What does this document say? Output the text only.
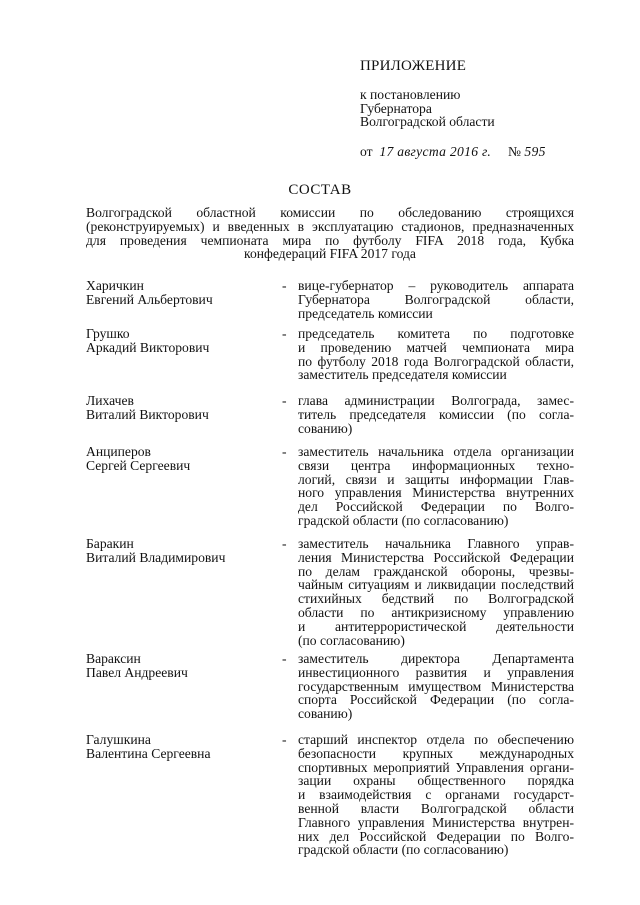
ПРИЛОЖЕНИЕ
к постановлению
Губернатора
Волгоградской области
от 17 августа 2016 г. № 595
СОСТАВ
Волгоградской областной комиссии по обследованию строящихся
(реконструируемых) и введенных в эксплуатацию стадионов, предназначенных
для проведения чемпионата мира по футболу FIFA 2018 года, Кубка
конфедераций FIFA 2017 года
Харичкин
Евгений Альбертович
- вице-губернатор – руководитель аппарата
Губернатора Волгоградской области,
председатель комиссии
Грушко
Аркадий Викторович
- председатель комитета по подготовке
и проведению матчей чемпионата мира
по футболу 2018 года Волгоградской области,
заместитель председателя комиссии
Лихачев
Виталий Викторович
- глава администрации Волгограда, замес-
титель председателя комиссии (по согла-
сованию)
Анциперов
Сергей Сергеевич
- заместитель начальника отдела организации
связи центра информационных техно-
логий, связи и защиты информации Глав-
ного управления Министерства внутренних
дел Российской Федерации по Волго-
градской области (по согласованию)
Баракин
Виталий Владимирович
- заместитель начальника Главного управ-
ления Министерства Российской Федерации
по делам гражданской обороны, чрезвы-
чайным ситуациям и ликвидации последствий
стихийных бедствий по Волгоградской
области по антикризисному управлению
и антитеррористической деятельности
(по согласованию)
Вараксин
Павел Андреевич
- заместитель директора Департамента
инвестиционного развития и управления
государственным имуществом Министерства
спорта Российской Федерации (по согла-
сованию)
Галушкина
Валентина Сергеевна
- старший инспектор отдела по обеспечению
безопасности крупных международных
спортивных мероприятий Управления органи-
зации охраны общественного порядка
и взаимодействия с органами государст-
венной власти Волгоградской области
Главного управления Министерства внутрен-
них дел Российской Федерации по Волго-
градской области (по согласованию)
